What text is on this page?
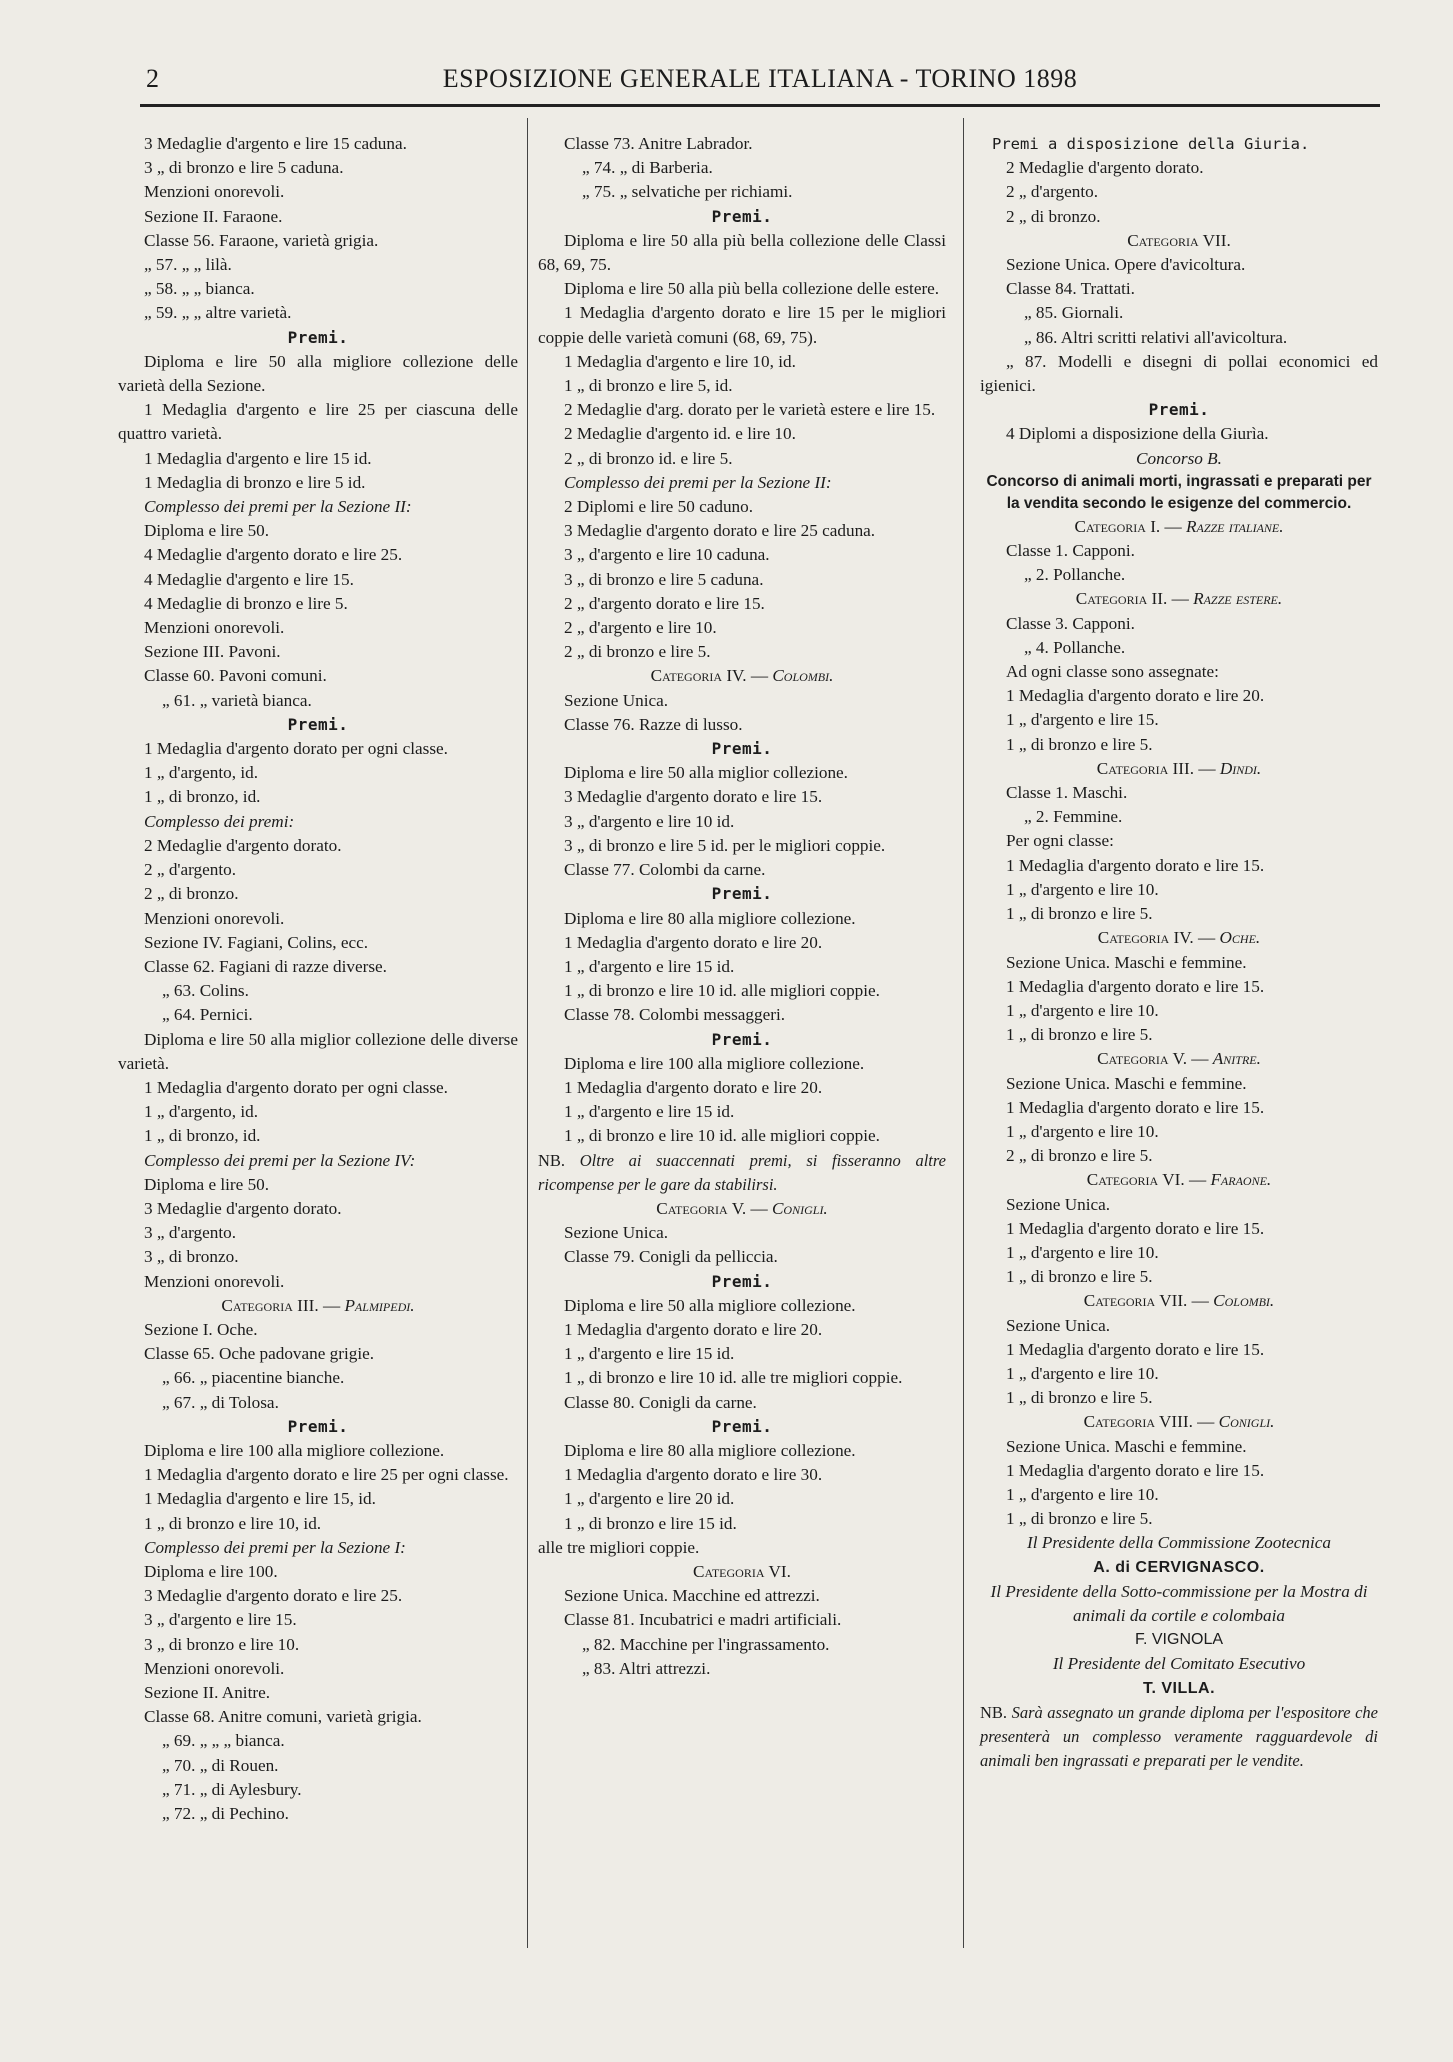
2	ESPOSIZIONE GENERALE ITALIANA - TORINO 1898
3 Medaglie d'argento e lire 15 caduna.
3 „ di bronzo e lire 5 caduna.
Menzioni onorevoli.
Sezione II. Faraone.
Classe 56. Faraone, varietà grigia.
„ 57. „ „ lilà.
„ 58. „ „ bianca.
„ 59. „ „ altre varietà.
Premi.
Diploma e lire 50 alla migliore collezione delle varietà della Sezione.
1 Medaglia d'argento e lire 25 per ciascuna delle quattro varietà.
1 Medaglia d'argento e lire 15 id.
1 Medaglia di bronzo e lire 5 id.
Complesso dei premi per la Sezione II:
Diploma e lire 50.
4 Medaglie d'argento dorato e lire 25.
4 Medaglie d'argento e lire 15.
4 Medaglie di bronzo e lire 5.
Menzioni onorevoli.
Sezione III. Pavoni.
Classe 60. Pavoni comuni.
„ 61. „ varietà bianca.
Premi.
1 Medaglia d'argento dorato per ogni classe.
1 „ d'argento, id.
1 „ di bronzo, id.
Complesso dei premi:
2 Medaglie d'argento dorato.
2 „ d'argento.
2 „ di bronzo.
Menzioni onorevoli.
Sezione IV. Fagiani, Colins, ecc.
Classe 62. Fagiani di razze diverse.
„ 63. Colins.
„ 64. Pernici.
Diploma e lire 50 alla miglior collezione delle diverse varietà.
1 Medaglia d'argento dorato per ogni classe.
1 „ d'argento, id.
1 „ di bronzo, id.
Complesso dei premi per la Sezione IV:
Diploma e lire 50.
3 Medaglie d'argento dorato.
3 „ d'argento.
3 „ di bronzo.
Menzioni onorevoli.
Categoria III. — Palmipedi.
Sezione I. Oche.
Classe 65. Oche padovane grigie.
„ 66. „ piacentine bianche.
„ 67. „ di Tolosa.
Premi.
Diploma e lire 100 alla migliore collezione.
1 Medaglia d'argento dorato e lire 25 per ogni classe.
1 Medaglia d'argento e lire 15, id.
1 „ di bronzo e lire 10, id.
Complesso dei premi per la Sezione I:
Diploma e lire 100.
3 Medaglie d'argento dorato e lire 25.
3 „ d'argento e lire 15.
3 „ di bronzo e lire 10.
Menzioni onorevoli.
Sezione II. Anitre.
Classe 68. Anitre comuni, varietà grigia.
„ 69. „ „ „ bianca.
„ 70. „ di Rouen.
„ 71. „ di Aylesbury.
„ 72. „ di Pechino.
Classe 73. Anitre Labrador.
„ 74. „ di Barberia.
„ 75. „ selvatiche per richiami.
Premi.
Diploma e lire 50 alla più bella collezione delle Classi 68, 69, 75.
Diploma e lire 50 alla più bella collezione delle estere.
1 Medaglia d'argento dorato e lire 15 per le migliori coppie delle varietà comuni (68, 69, 75).
1 Medaglia d'argento e lire 10, id.
1 „ di bronzo e lire 5, id.
2 Medaglie d'arg. dorato per le varietà estere e lire 15.
2 Medaglie d'argento id. e lire 10.
2 „ di bronzo id. e lire 5.
Complesso dei premi per la Sezione II:
2 Diplomi e lire 50 caduno.
3 Medaglie d'argento dorato e lire 25 caduna.
3 „ d'argento e lire 10 caduna.
3 „ di bronzo e lire 5 caduna.
2 „ d'argento dorato e lire 15.
2 „ d'argento e lire 10.
2 „ di bronzo e lire 5.
Categoria IV. — Colombi.
Sezione Unica.
Classe 76. Razze di lusso.
Premi.
Diploma e lire 50 alla miglior collezione.
3 Medaglie d'argento dorato e lire 15.
3 „ d'argento e lire 10 id.
3 „ di bronzo e lire 5 id. per le migliori coppie.
Classe 77. Colombi da carne.
Premi.
Diploma e lire 80 alla migliore collezione.
1 Medaglia d'argento dorato e lire 20.
1 „ d'argento e lire 15 id.
1 „ di bronzo e lire 10 id. alle migliori coppie.
Classe 78. Colombi messaggeri.
Premi.
Diploma e lire 100 alla migliore collezione.
1 Medaglia d'argento dorato e lire 20.
1 „ d'argento e lire 15 id.
1 „ di bronzo e lire 10 id. alle migliori coppie.
NB. Oltre ai suaccennati premi, si fisseranno altre ricompense per le gare da stabilirsi.
Categoria V. — Conigli.
Sezione Unica.
Classe 79. Conigli da pelliccia.
Premi.
Diploma e lire 50 alla migliore collezione.
1 Medaglia d'argento dorato e lire 20.
1 „ d'argento e lire 15 id.
1 „ di bronzo e lire 10 id. alle tre migliori coppie.
Classe 80. Conigli da carne.
Premi.
Diploma e lire 80 alla migliore collezione.
1 Medaglia d'argento dorato e lire 30.
1 „ d'argento e lire 20 id.
1 „ di bronzo e lire 15 id.
alle tre migliori coppie.
Categoria VI.
Sezione Unica. Macchine ed attrezzi.
Classe 81. Incubatrici e madri artificiali.
„ 82. Macchine per l'ingrassamento.
„ 83. Altri attrezzi.
Premi a disposizione della Giuria.
2 Medaglie d'argento dorato.
2 „ d'argento.
2 „ di bronzo.
Categoria VII.
Sezione Unica. Opere d'avicoltura.
Classe 84. Trattati.
„ 85. Giornali.
„ 86. Altri scritti relativi all'avicoltura.
„ 87. Modelli e disegni di pollai economici ed igienici.
Premi.
4 Diplomi a disposizione della Giurìa.
Concorso B.
Concorso di animali morti, ingrassati e preparati per la vendita secondo le esigenze del commercio.
Categoria I. — Razze italiane.
Classe 1. Capponi.
„ 2. Pollanche.
Categoria II. — Razze estere.
Classe 3. Capponi.
„ 4. Pollanche.
Ad ogni classe sono assegnate:
1 Medaglia d'argento dorato e lire 20.
1 „ d'argento e lire 15.
1 „ di bronzo e lire 5.
Categoria III. — Dindi.
Classe 1. Maschi.
„ 2. Femmine.
Per ogni classe:
1 Medaglia d'argento dorato e lire 15.
1 „ d'argento e lire 10.
1 „ di bronzo e lire 5.
Categoria IV. — Oche.
Sezione Unica. Maschi e femmine.
1 Medaglia d'argento dorato e lire 15.
1 „ d'argento e lire 10.
1 „ di bronzo e lire 5.
Categoria V. — Anitre.
Sezione Unica. Maschi e femmine.
1 Medaglia d'argento dorato e lire 15.
1 „ d'argento e lire 10.
2 „ di bronzo e lire 5.
Categoria VI. — Faraone.
Sezione Unica.
1 Medaglia d'argento dorato e lire 15.
1 „ d'argento e lire 10.
1 „ di bronzo e lire 5.
Categoria VII. — Colombi.
Sezione Unica.
1 Medaglia d'argento dorato e lire 15.
1 „ d'argento e lire 10.
1 „ di bronzo e lire 5.
Categoria VIII. — Conigli.
Sezione Unica. Maschi e femmine.
1 Medaglia d'argento dorato e lire 15.
1 „ d'argento e lire 10.
1 „ di bronzo e lire 5.
Il Presidente della Commissione Zootecnica
A. di CERVIGNASCO.
Il Presidente della Sotto-commissione per la Mostra di animali da cortile e colombaia
F. VIGNOLA
Il Presidente del Comitato Esecutivo
T. VILLA.
NB. Sarà assegnato un grande diploma per l'espositore che presenterà un complesso veramente ragguardevole di animali ben ingrassati e preparati per le vendite.
